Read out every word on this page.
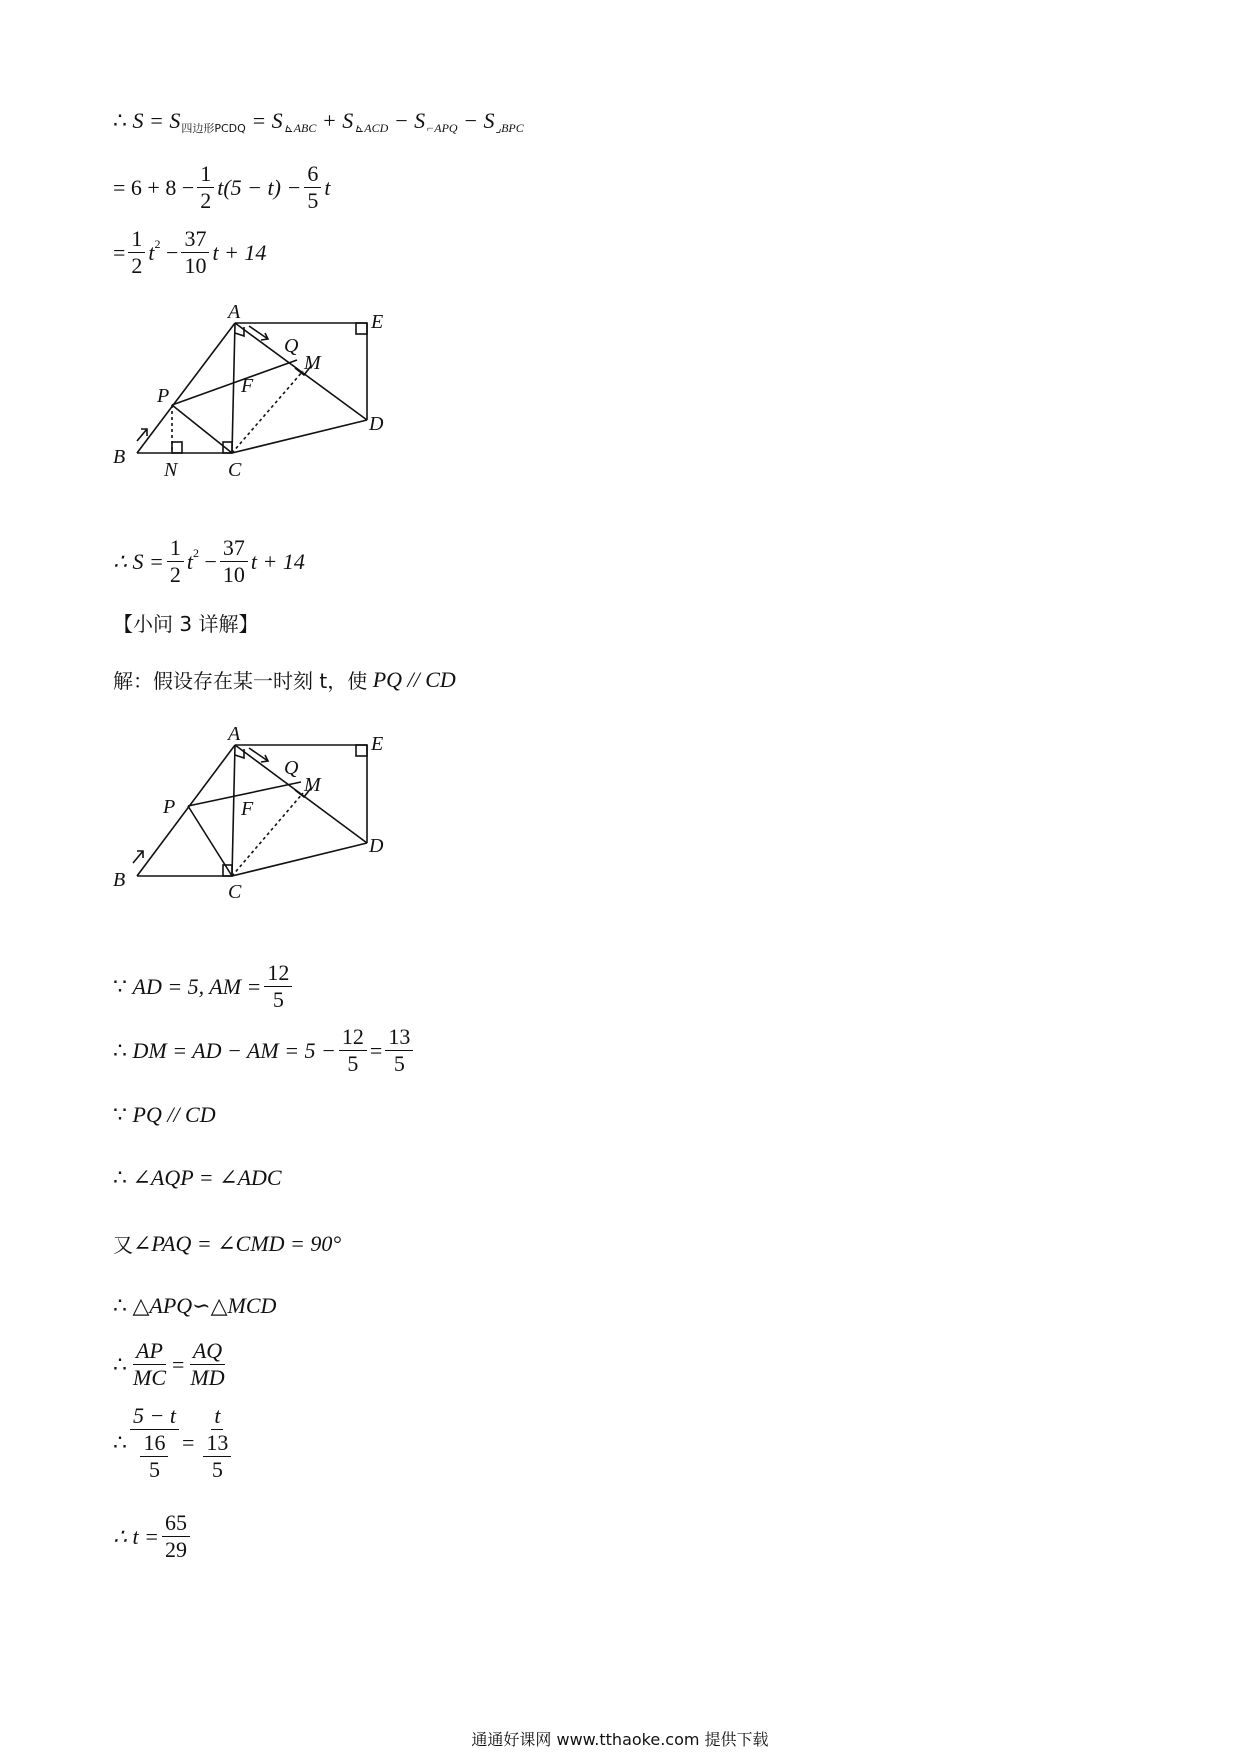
∴
S = S 四边形PCDQ
= S ⊾ABC
+ S ⊾ACD
− S ⌐APQ
− S ⌟BPC
= $6 + 8 - \frac{1}{2} t(5 - t) - \frac{6}{5}$ t
= $\frac{1}{2}$ t 2
− $\frac{37}{10}$ t + 14
A	E
Q
M
P	F
D
B
N	C
∴ $S = \frac{1}{2}$ t 2
− $\frac{37}{10}$ t + 14
【小问 3 详解】
解：假设存在某一时刻 t，使
PQ // CD
A	E
Q
M
P	F
D
B
C
∵
AD = 5, AM = $\frac{12}{5}$
∴
DM = AD − AM = $5 - \frac{12}{5} = \frac{13}{5}$
∵
PQ // CD
∴
∠AQP = ∠ADC
又 ∠PAQ = ∠CMD = 90°
∴
△APQ∽△MCD
∴ $\frac{AP}{MC} = \frac{AQ}{MD}$
∴ $\frac{5 - t}{\frac{16}{5}} = \frac{t}{\frac{13}{5}}$
∴ $t = \frac{65}{29}$
通通好课网 www.tthaoke.com 提供下载
